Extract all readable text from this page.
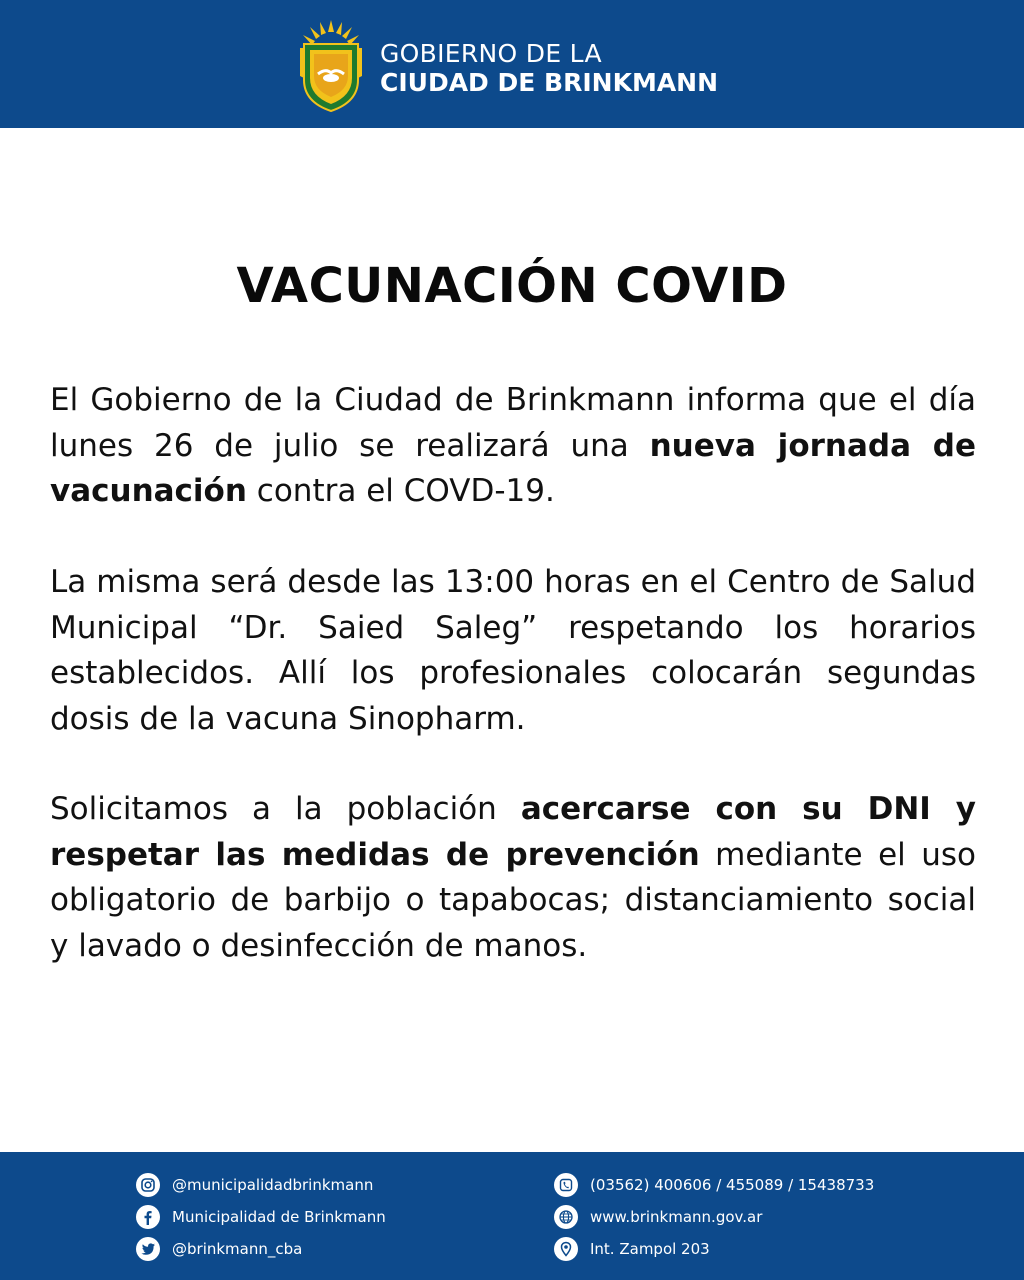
GOBIERNO DE LA
CIUDAD DE BRINKMANN
VACUNACIÓN COVID

El Gobierno de la Ciudad de Brinkmann informa que el día lunes 26 de julio se realizará una nueva jornada de vacunación contra el COVD-19.

La misma será desde las 13:00 horas en el Centro de Salud Municipal “Dr. Saied Saleg” respetando los horarios establecidos. Allí los profesionales colocarán segundas dosis de la vacuna Sinopharm.

Solicitamos a la población acercarse con su DNI y respetar las medidas de prevención mediante el uso obligatorio de barbijo o tapabocas; distanciamiento social y lavado o desinfección de manos.

@municipalidadbrinkmann
Municipalidad de Brinkmann
@brinkmann_cba
(03562) 400606 / 455089 / 15438733
www.brinkmann.gov.ar
Int. Zampol 203
